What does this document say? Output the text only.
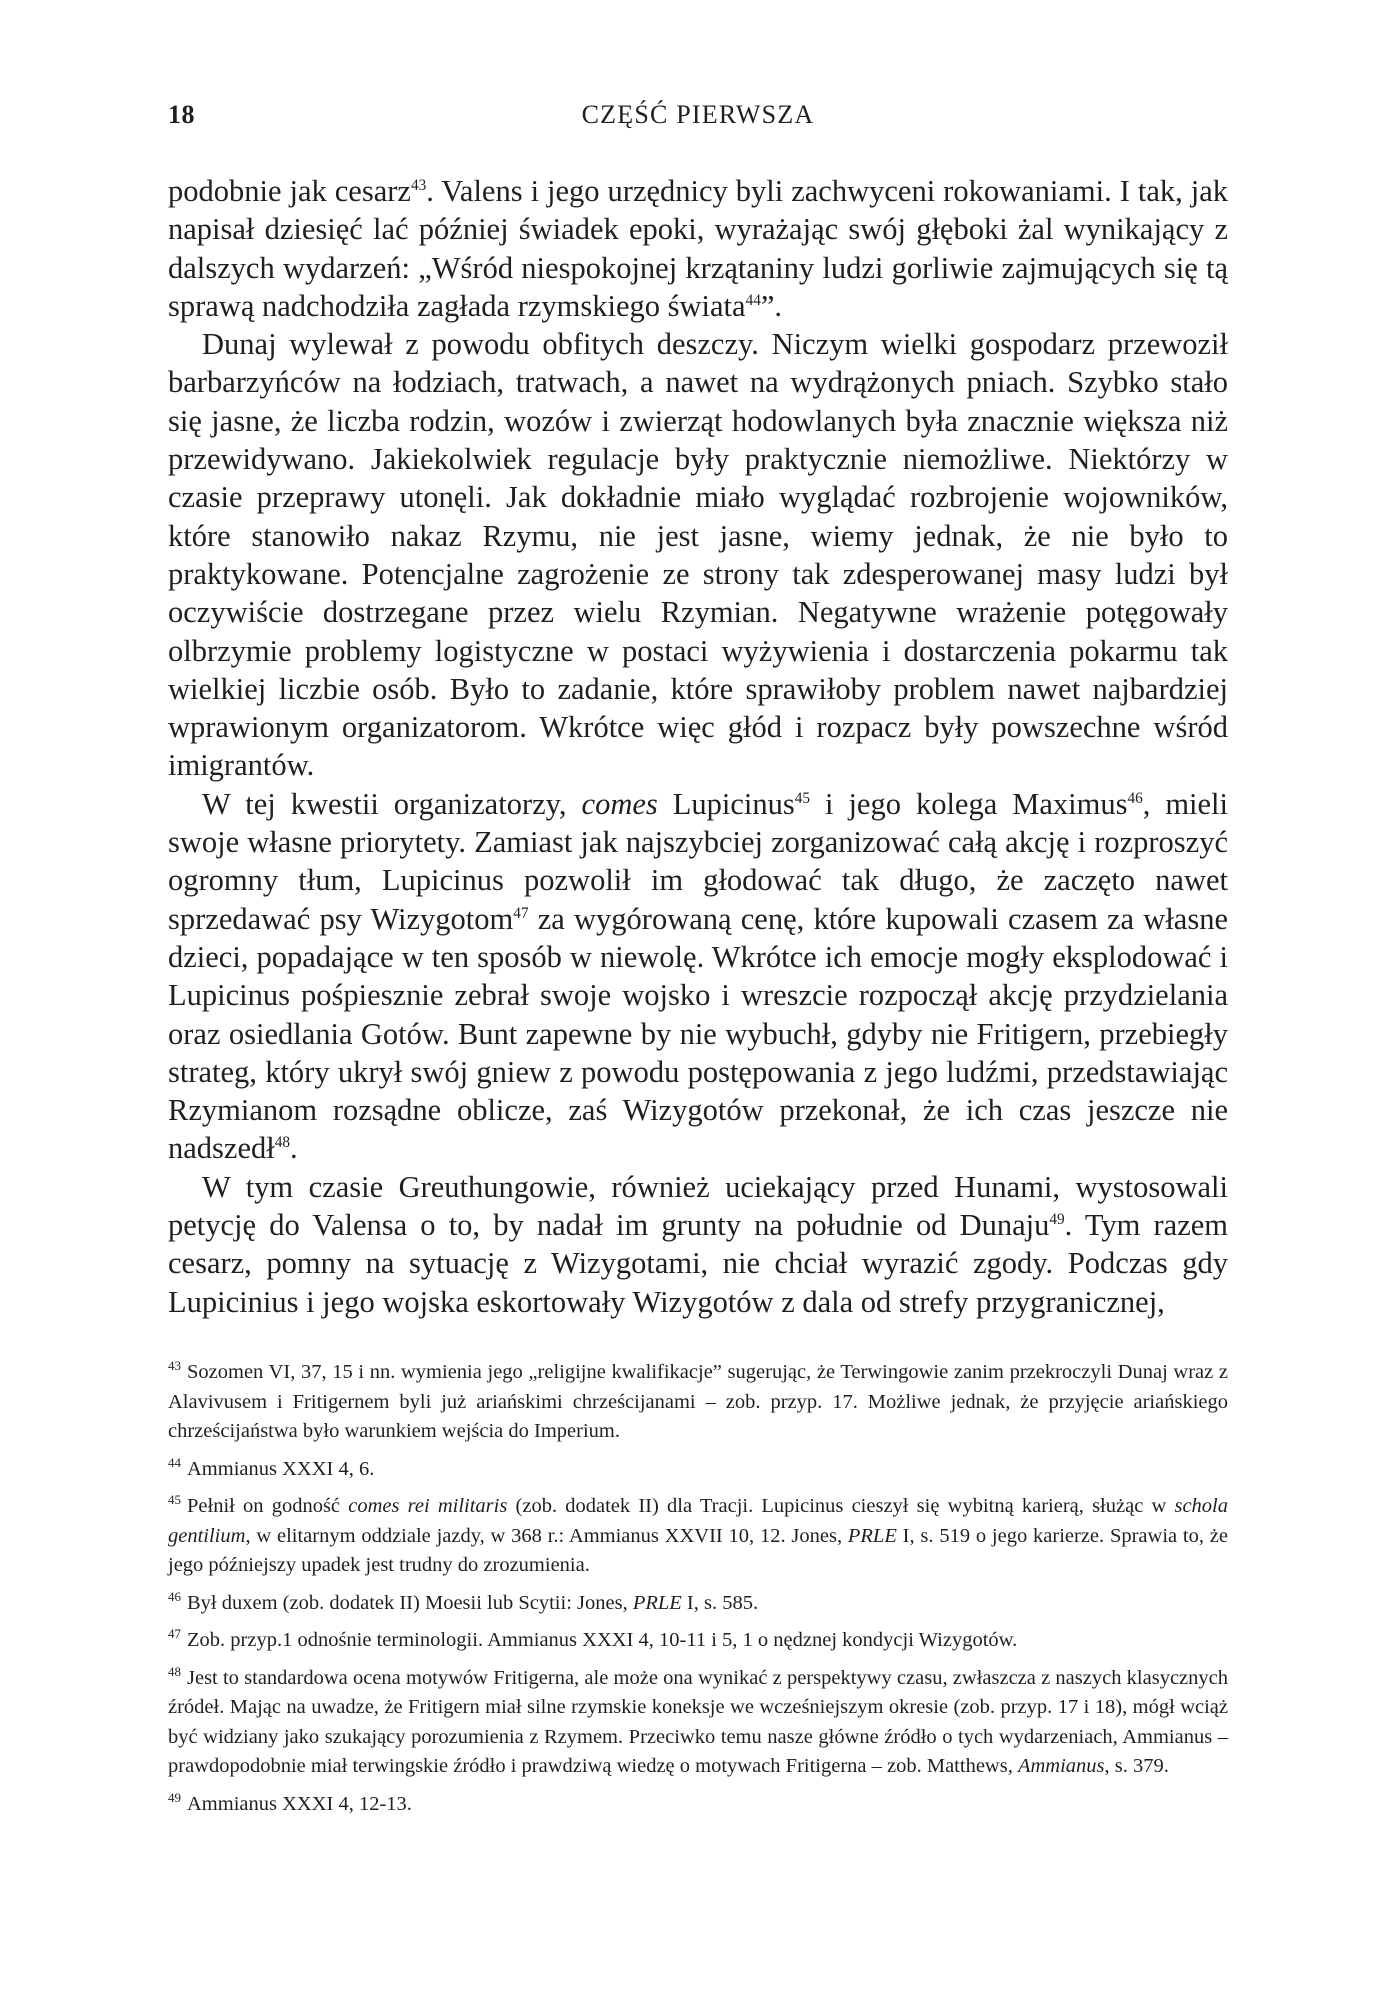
18	CZĘŚĆ PIERWSZA

podobnie jak cesarz$^{43}$. Valens i jego urzędnicy byli zachwyceni rokowaniami. I tak, jak napisał dziesięć lać później świadek epoki, wyrażając swój głęboki żal wynikający z dalszych wydarzeń: „Wśród niespokojnej krzątaniny ludzi gorliwie zajmujących się tą sprawą nadchodziła zagłada rzymskiego świata$^{44}$”.

Dunaj wylewał z powodu obfitych deszczy. Niczym wielki gospodarz przewoził barbarzyńców na łodziach, tratwach, a nawet na wydrążonych pniach. Szybko stało się jasne, że liczba rodzin, wozów i zwierząt hodowlanych była znacznie większa niż przewidywano. Jakiekolwiek regulacje były praktycznie niemożliwe. Niektórzy w czasie przeprawy utonęli. Jak dokładnie miało wyglądać rozbrojenie wojowników, które stanowiło nakaz Rzymu, nie jest jasne, wiemy jednak, że nie było to praktykowane. Potencjalne zagrożenie ze strony tak zdesperowanej masy ludzi był oczywiście dostrzegane przez wielu Rzymian. Negatywne wrażenie potęgowały olbrzymie problemy logistyczne w postaci wyżywienia i dostarczenia pokarmu tak wielkiej liczbie osób. Było to zadanie, które sprawiłoby problem nawet najbardziej wprawionym organizatorom. Wkrótce więc głód i rozpacz były powszechne wśród imigrantów.

W tej kwestii organizatorzy, comes Lupicinus$^{45}$ i jego kolega Maximus$^{46}$, mieli swoje własne priorytety. Zamiast jak najszybciej zorganizować całą akcję i rozproszyć ogromny tłum, Lupicinus pozwolił im głodować tak długo, że zaczęto nawet sprzedawać psy Wizygotom$^{47}$ za wygórowaną cenę, które kupowali czasem za własne dzieci, popadające w ten sposób w niewolę. Wkrótce ich emocje mogły eksplodować i Lupicinus pośpiesznie zebrał swoje wojsko i wreszcie rozpoczął akcję przydzielania oraz osiedlania Gotów. Bunt zapewne by nie wybuchł, gdyby nie Fritigern, przebiegły strateg, który ukrył swój gniew z powodu postępowania z jego ludźmi, przedstawiając Rzymianom rozsądne oblicze, zaś Wizygotów przekonał, że ich czas jeszcze nie nadszedł$^{48}$.

W tym czasie Greuthungowie, również uciekający przed Hunami, wystosowali petycję do Valensa o to, by nadał im grunty na południe od Dunaju$^{49}$. Tym razem cesarz, pomny na sytuację z Wizygotami, nie chciał wyrazić zgody. Podczas gdy Lupicinius i jego wojska eskortowały Wizygotów z dala od strefy przygranicznej,

$^{43}$ Sozomen VI, 37, 15 i nn. wymienia jego „religijne kwalifikacje” sugerując, że Terwingowie zanim przekroczyli Dunaj wraz z Alavivusem i Fritigernem byli już ariańskimi chrześcijanami – zob. przyp. 17. Możliwe jednak, że przyjęcie ariańskiego chrześcijaństwa było warunkiem wejścia do Imperium.

$^{44}$ Ammianus XXXI 4, 6.

$^{45}$ Pełnił on godność comes rei militaris (zob. dodatek II) dla Tracji. Lupicinus cieszył się wybitną karierą, służąc w schola gentilium, w elitarnym oddziale jazdy, w 368 r.: Ammianus XXVII 10, 12. Jones, PRLE I, s. 519 o jego karierze. Sprawia to, że jego późniejszy upadek jest trudny do zrozumienia.

$^{46}$ Był duxem (zob. dodatek II) Moesii lub Scytii: Jones, PRLE I, s. 585.

$^{47}$ Zob. przyp.1 odnośnie terminologii. Ammianus XXXI 4, 10-11 i 5, 1 o nędznej kondycji Wizygotów.

$^{48}$ Jest to standardowa ocena motywów Fritigerna, ale może ona wynikać z perspektywy czasu, zwłaszcza z naszych klasycznych źródeł. Mając na uwadze, że Fritigern miał silne rzymskie koneksje we wcześniejszym okresie (zob. przyp. 17 i 18), mógł wciąż być widziany jako szukający porozumienia z Rzymem. Przeciwko temu nasze główne źródło o tych wydarzeniach, Ammianus – prawdopodobnie miał terwingskie źródło i prawdziwą wiedzę o motywach Fritigerna – zob. Matthews, Ammianus, s. 379.

$^{49}$ Ammianus XXXI 4, 12-13.
